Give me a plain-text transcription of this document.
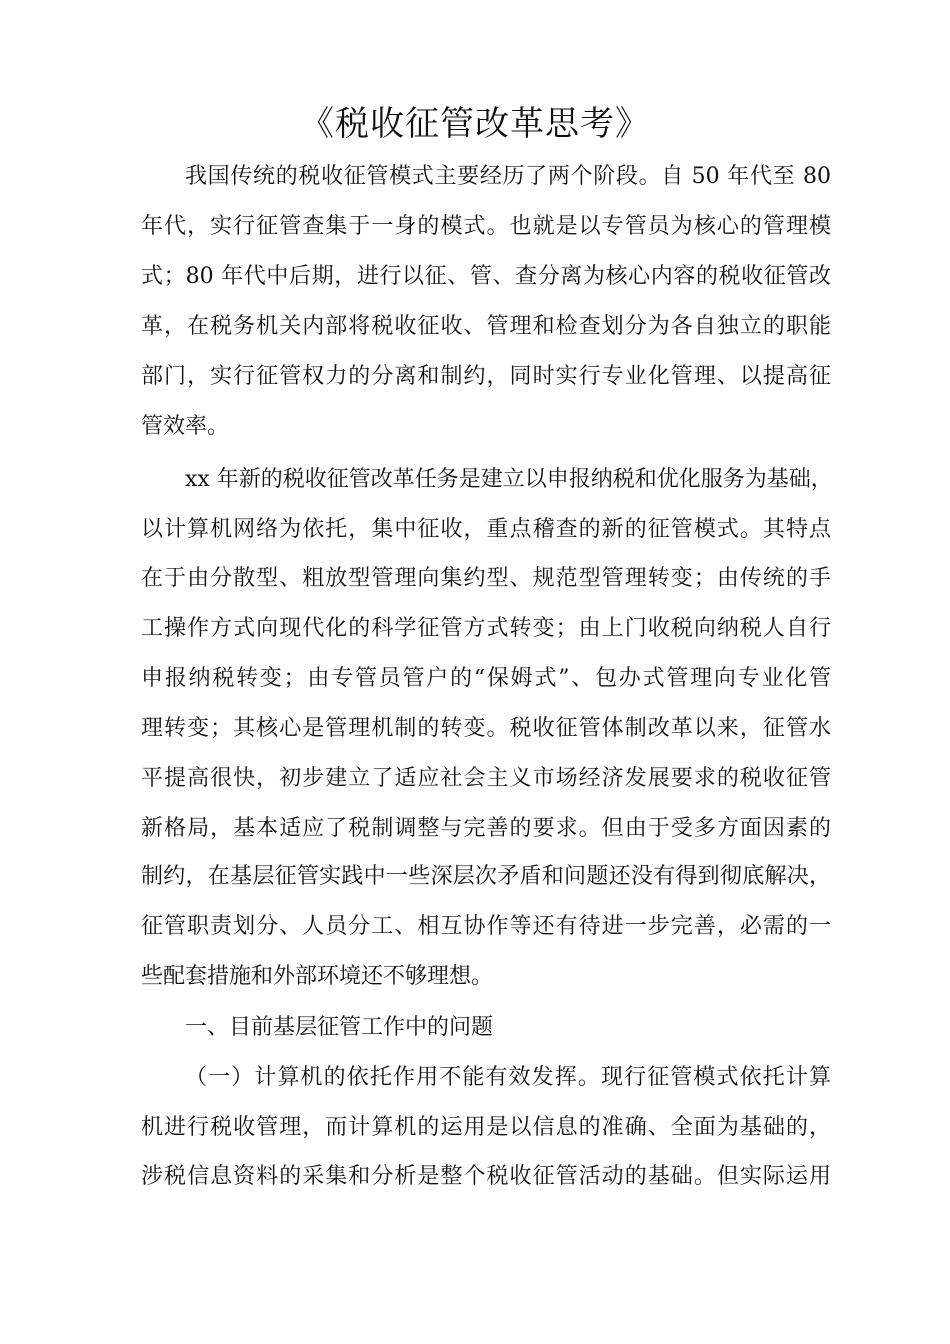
《税收征管改革思考》
我国传统的税收征管模式主要经历了两个阶段。自 50 年代至 80
年代，实行征管查集于一身的模式。也就是以专管员为核心的管理模
式；80 年代中后期，进行以征、管、查分离为核心内容的税收征管改
革，在税务机关内部将税收征收、管理和检查划分为各自独立的职能
部门，实行征管权力的分离和制约，同时实行专业化管理、以提高征
管效率。
xx 年新的税收征管改革任务是建立以申报纳税和优化服务为基础，
以计算机网络为依托，集中征收，重点稽查的新的征管模式。其特点
在于由分散型、粗放型管理向集约型、规范型管理转变；由传统的手
工操作方式向现代化的科学征管方式转变；由上门收税向纳税人自行
申报纳税转变；由专管员管户的“保姆式”、包办式管理向专业化管
理转变；其核心是管理机制的转变。税收征管体制改革以来，征管水
平提高很快，初步建立了适应社会主义市场经济发展要求的税收征管
新格局，基本适应了税制调整与完善的要求。但由于受多方面因素的
制约，在基层征管实践中一些深层次矛盾和问题还没有得到彻底解决，
征管职责划分、人员分工、相互协作等还有待进一步完善，必需的一
些配套措施和外部环境还不够理想。
一、目前基层征管工作中的问题
（一）计算机的依托作用不能有效发挥。现行征管模式依托计算
机进行税收管理，而计算机的运用是以信息的准确、全面为基础的，
涉税信息资料的采集和分析是整个税收征管活动的基础。但实际运用
